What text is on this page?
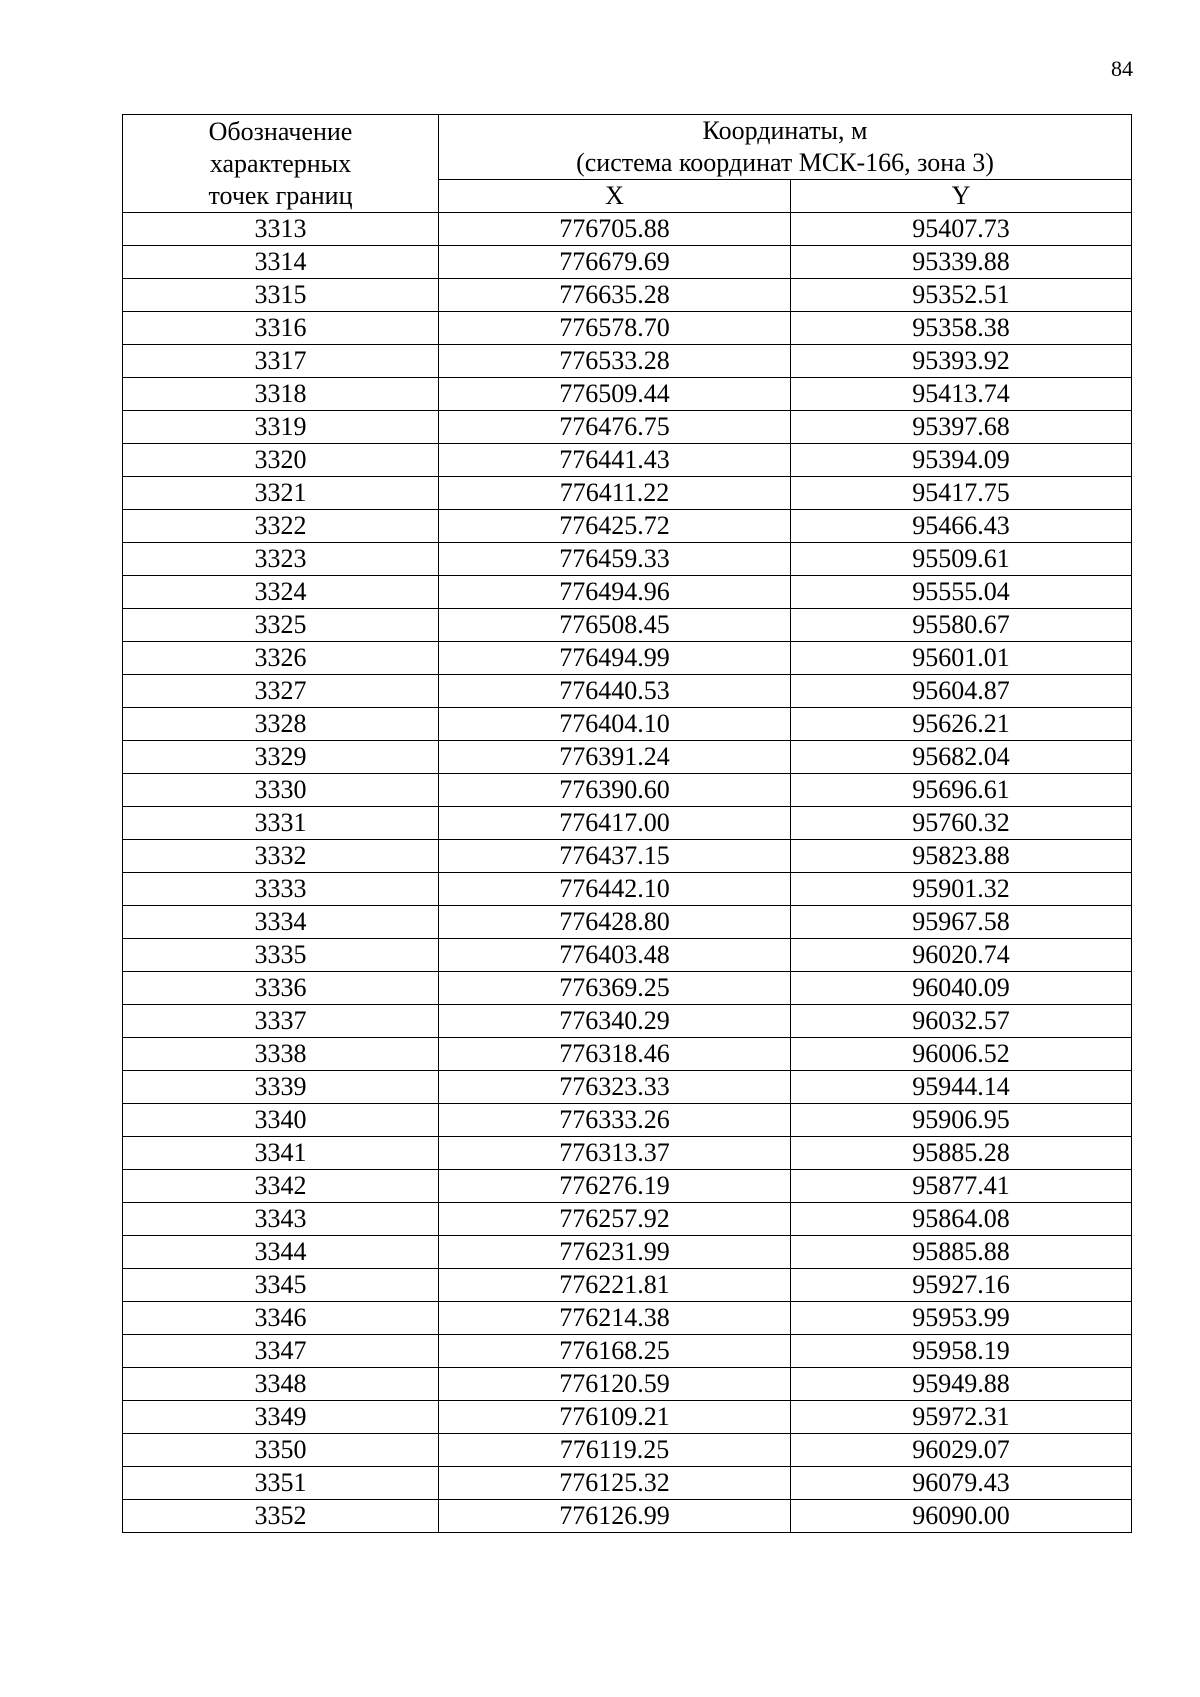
84
Обозначение
характерных
точек границ	Координаты, м
(система координат МСК-166, зона 3)	

	X	Y
3313	776705.88	95407.73
3314	776679.69	95339.88
3315	776635.28	95352.51
3316	776578.70	95358.38
3317	776533.28	95393.92
3318	776509.44	95413.74
3319	776476.75	95397.68
3320	776441.43	95394.09
3321	776411.22	95417.75
3322	776425.72	95466.43
3323	776459.33	95509.61
3324	776494.96	95555.04
3325	776508.45	95580.67
3326	776494.99	95601.01
3327	776440.53	95604.87
3328	776404.10	95626.21
3329	776391.24	95682.04
3330	776390.60	95696.61
3331	776417.00	95760.32
3332	776437.15	95823.88
3333	776442.10	95901.32
3334	776428.80	95967.58
3335	776403.48	96020.74
3336	776369.25	96040.09
3337	776340.29	96032.57
3338	776318.46	96006.52
3339	776323.33	95944.14
3340	776333.26	95906.95
3341	776313.37	95885.28
3342	776276.19	95877.41
3343	776257.92	95864.08
3344	776231.99	95885.88
3345	776221.81	95927.16
3346	776214.38	95953.99
3347	776168.25	95958.19
3348	776120.59	95949.88
3349	776109.21	95972.31
3350	776119.25	96029.07
3351	776125.32	96079.43
3352	776126.99	96090.00
